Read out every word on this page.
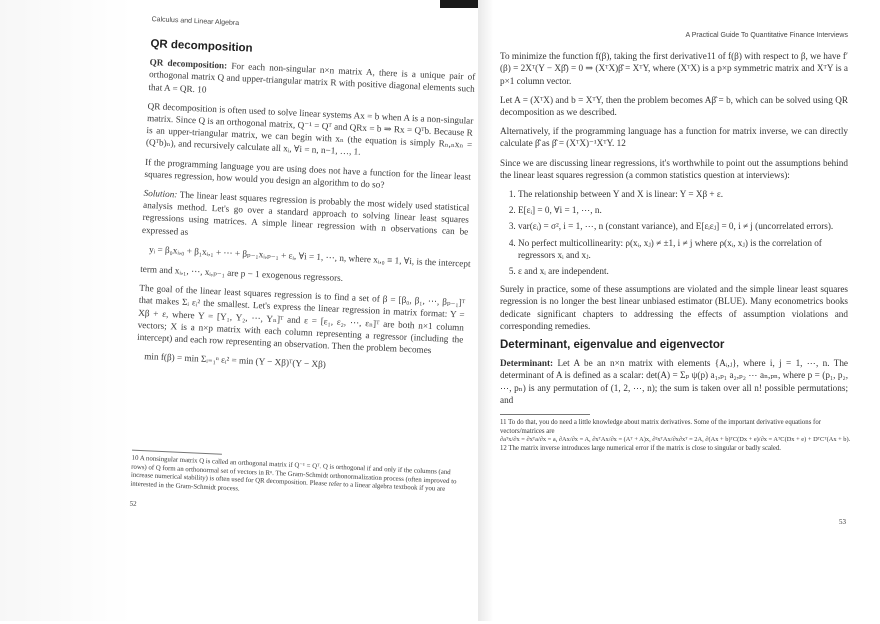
Calculus and Linear Algebra
QR decomposition

QR decomposition: For each non-singular n×n matrix A, there is a unique pair of orthogonal matrix Q and upper-triangular matrix R with positive diagonal elements such that A = QR. 10

QR decomposition is often used to solve linear systems Ax = b when A is a non-singular matrix. Since Q is an orthogonal matrix, Q⁻¹ = Qᵀ and QRx = b ⇒ Rx = Qᵀb. Because R is an upper-triangular matrix, we can begin with xₙ (the equation is simply Rₙ,ₙxₙ = (Qᵀb)ₙ), and recursively calculate all xᵢ, ∀i = n, n−1, …, 1.

If the programming language you are using does not have a function for the linear least squares regression, how would you design an algorithm to do so?

Solution: The linear least squares regression is probably the most widely used statistical analysis method. Let's go over a standard approach to solving linear least squares regressions using matrices. A simple linear regression with n observations can be expressed as

yᵢ = β₀xᵢ,₀ + β₁xᵢ,₁ + ⋯ + βₚ₋₁xᵢ,ₚ₋₁ + εᵢ, ∀i = 1, ⋯, n, where xᵢ,₀ ≡ 1, ∀i, is the intercept

term and xᵢ,₁, ⋯, xᵢ,ₚ₋₁ are p − 1 exogenous regressors.

The goal of the linear least squares regression is to find a set of β = [β₀, β₁, ⋯, βₚ₋₁]ᵀ that makes Σᵢ εᵢ² the smallest. Let's express the linear regression in matrix format: Y = Xβ + ε, where Y = [Y₁, Y₂, ⋯, Yₙ]ᵀ and ε = [ε₁, ε₂, ⋯, εₙ]ᵀ are both n×1 column vectors; X is a n×p matrix with each column representing a regressor (including the intercept) and each row representing an observation. Then the problem becomes

min f(β) = min Σᵢ₌₁ⁿ εᵢ² = min (Y − Xβ)ᵀ(Y − Xβ)
10 A nonsingular matrix Q is called an orthogonal matrix if Q⁻¹ = Qᵀ. Q is orthogonal if and only if the columns (and rows) of Q form an orthonormal set of vectors in Rⁿ. The Gram-Schmidt orthonormalization process (often improved to increase numerical stability) is often used for QR decomposition. Please refer to a linear algebra textbook if you are interested in the Gram-Schmidt process.
52
A Practical Guide To Quantitative Finance Interviews

To minimize the function f(β), taking the first derivative11 of f(β) with respect to β, we have f′(β) = 2Xᵀ(Y − Xβ̂) = 0 ⇒ (XᵀX)β̂ = XᵀY, where (XᵀX) is a p×p symmetric matrix and XᵀY is a p×1 column vector.

Let A = (XᵀX) and b = XᵀY, then the problem becomes Aβ̂ = b, which can be solved using QR decomposition as we described.

Alternatively, if the programming language has a function for matrix inverse, we can directly calculate β̂ as β̂ = (XᵀX)⁻¹XᵀY. 12

Since we are discussing linear regressions, it's worthwhile to point out the assumptions behind the linear least squares regression (a common statistics question at interviews):

1. The relationship between Y and X is linear: Y = Xβ + ε.
2. E[εᵢ] = 0, ∀i = 1, ⋯, n.
3. var(εᵢ) = σ², i = 1, ⋯, n (constant variance), and E[εᵢεⱼ] = 0, i ≠ j (uncorrelated errors).
4. No perfect multicollinearity: ρ(xᵢ, xⱼ) ≠ ±1, i ≠ j where ρ(xᵢ, xⱼ) is the correlation of regressors xᵢ and xⱼ.
5. ε and xᵢ are independent.

Surely in practice, some of these assumptions are violated and the simple linear least squares regression is no longer the best linear unbiased estimator (BLUE). Many econometrics books dedicate significant chapters to addressing the effects of assumption violations and corresponding remedies.

Determinant, eigenvalue and eigenvector

Determinant: Let A be an n×n matrix with elements {Aᵢ,ⱼ}, where i, j = 1, ⋯, n. The determinant of A is defined as a scalar: det(A) = Σₚ ψ(p) a₁,ₚ₁ a₂,ₚ₂ ⋯ aₙ,ₚₙ, where p = (p₁, p₂, ⋯, pₙ) is any permutation of (1, 2, ⋯, n); the sum is taken over all n! possible permutations; and

11 To do that, you do need a little knowledge about matrix derivatives. Some of the important derivative equations for vectors/matrices are
∂aᵀx/∂x = ∂xᵀa/∂x = a, ∂Ax/∂x = A, ∂xᵀAx/∂x = (Aᵀ + A)x, ∂²xᵀAx/∂x∂xᵀ = 2A, ∂(Ax + b)ᵀC(Dx + e)/∂x = AᵀC(Dx + e) + DᵀCᵀ(Ax + b).
12 The matrix inverse introduces large numerical error if the matrix is close to singular or badly scaled.
53
